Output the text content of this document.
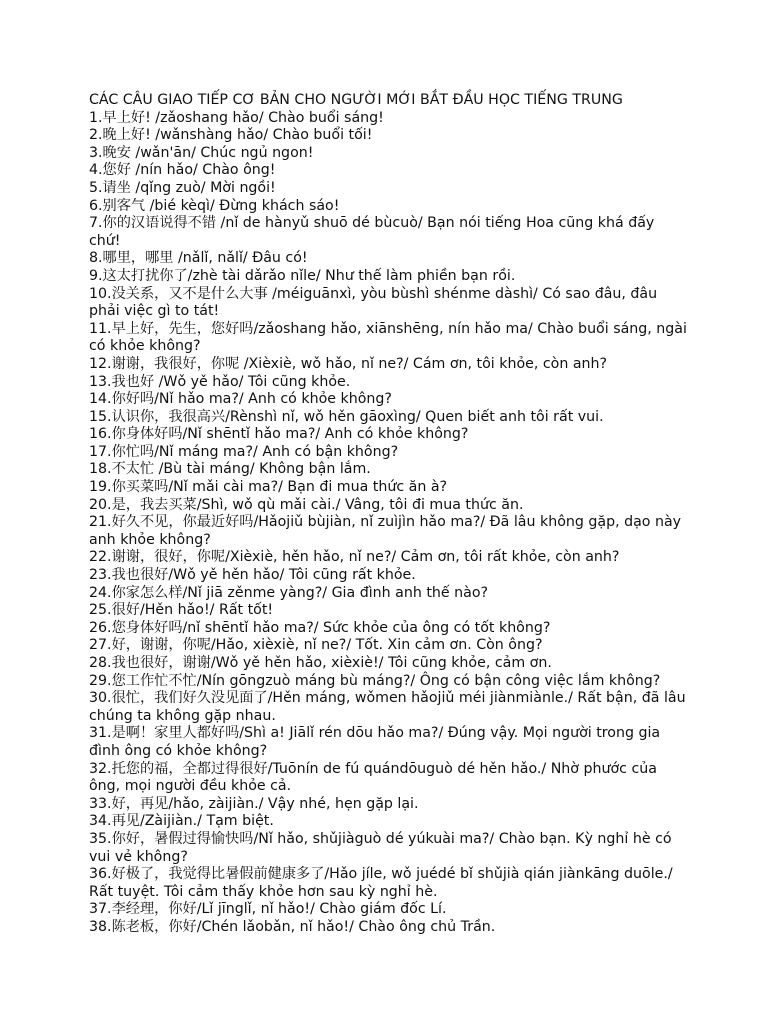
CÁC CÂU GIAO TIẾP CƠ BẢN CHO NGƯỜI MỚI BẮT ĐẦU HỌC TIẾNG TRUNG

1.早上好! /zǎoshang hǎo/ Chào buổi sáng!

2.晚上好! /wǎnshàng hǎo/ Chào buổi tối!

3.晚安 /wǎn'ān/ Chúc ngủ ngon!

4.您好 /nín hǎo/ Chào ông!

5.请坐 /qǐng zuò/ Mời ngồi!

6.别客气 /bié kèqì/ Đừng khách sáo!

7.你的汉语说得不错 /nǐ de hànyǔ shuō dé bùcuò/ Bạn nói tiếng Hoa cũng khá đấy chứ!

8.哪里，哪里 /nǎlǐ, nǎlǐ/ Đâu có!

9.这太打扰你了/zhè tài dǎrǎo nǐle/ Như thế làm phiền bạn rồi.

10.没关系，又不是什么大事 /méiguānxì, yòu bùshì shénme dàshì/ Có sao đâu, đâu phải việc gì to tát!

11.早上好，先生，您好吗/zǎoshang hǎo, xiānshēng, nín hǎo ma/ Chào buổi sáng, ngài có khỏe không?

12.谢谢，我很好，你呢 /Xièxiè, wǒ hǎo, nǐ ne?/ Cám ơn, tôi khỏe, còn anh?

13.我也好 /Wǒ yě hǎo/ Tôi cũng khỏe.

14.你好吗/Nǐ hǎo ma?/ Anh có khỏe không?

15.认识你，我很高兴/Rènshì nǐ, wǒ hěn gāoxìng/ Quen biết anh tôi rất vui.

16.你身体好吗/Nǐ shēntǐ hǎo ma?/ Anh có khỏe không?

17.你忙吗/Nǐ máng ma?/ Anh có bận không?

18.不太忙 /Bù tài máng/ Không bận lắm.

19.你买菜吗/Nǐ mǎi cài ma?/ Bạn đi mua thức ăn à?

20.是，我去买菜/Shì, wǒ qù mǎi cài./ Vâng, tôi đi mua thức ăn.

21.好久不见，你最近好吗/Hǎojiǔ bùjiàn, nǐ zuìjìn hǎo ma?/ Đã lâu không gặp, dạo này anh khỏe không?

22.谢谢，很好，你呢/Xièxiè, hěn hǎo, nǐ ne?/ Cảm ơn, tôi rất khỏe, còn anh?

23.我也很好/Wǒ yě hěn hǎo/ Tôi cũng rất khỏe.

24.你家怎么样/Nǐ jiā zěnme yàng?/ Gia đình anh thế nào?

25.很好/Hěn hǎo!/ Rất tốt!

26.您身体好吗/nǐ shēntǐ hǎo ma?/ Sức khỏe của ông có tốt không?

27.好，谢谢，你呢/Hǎo, xièxiè, nǐ ne?/ Tốt. Xin cảm ơn. Còn ông?

28.我也很好，谢谢/Wǒ yě hěn hǎo, xièxiè!/ Tôi cũng khỏe, cảm ơn.

29.您工作忙不忙/Nín gōngzuò máng bù máng?/ Ông có bận công việc lắm không?

30.很忙，我们好久没见面了/Hěn máng, wǒmen hǎojiǔ méi jiànmiànle./ Rất bận, đã lâu chúng ta không gặp nhau.

31.是啊！家里人都好吗/Shì a! Jiālǐ rén dōu hǎo ma?/ Đúng vậy. Mọi người trong gia đình ông có khỏe không?

32.托您的福，全都过得很好/Tuōnín de fú quándōuguò dé hěn hǎo./ Nhờ phước của ông, mọi người đều khỏe cả.

33.好，再见/hǎo, zàijiàn./ Vậy nhé, hẹn gặp lại.

34.再见/Zàijiàn./ Tạm biệt.

35.你好，暑假过得愉快吗/Nǐ hǎo, shǔjiàguò dé yúkuài ma?/ Chào bạn. Kỳ nghỉ hè có vui vẻ không?

36.好极了，我觉得比暑假前健康多了/Hǎo jíle, wǒ juédé bǐ shǔjià qián jiànkāng duōle./ Rất tuyệt. Tôi cảm thấy khỏe hơn sau kỳ nghỉ hè.

37.李经理，你好/Lǐ jīnglǐ, nǐ hǎo!/ Chào giám đốc Lí.

38.陈老板，你好/Chén lǎobǎn, nǐ hǎo!/ Chào ông chủ Trần.
